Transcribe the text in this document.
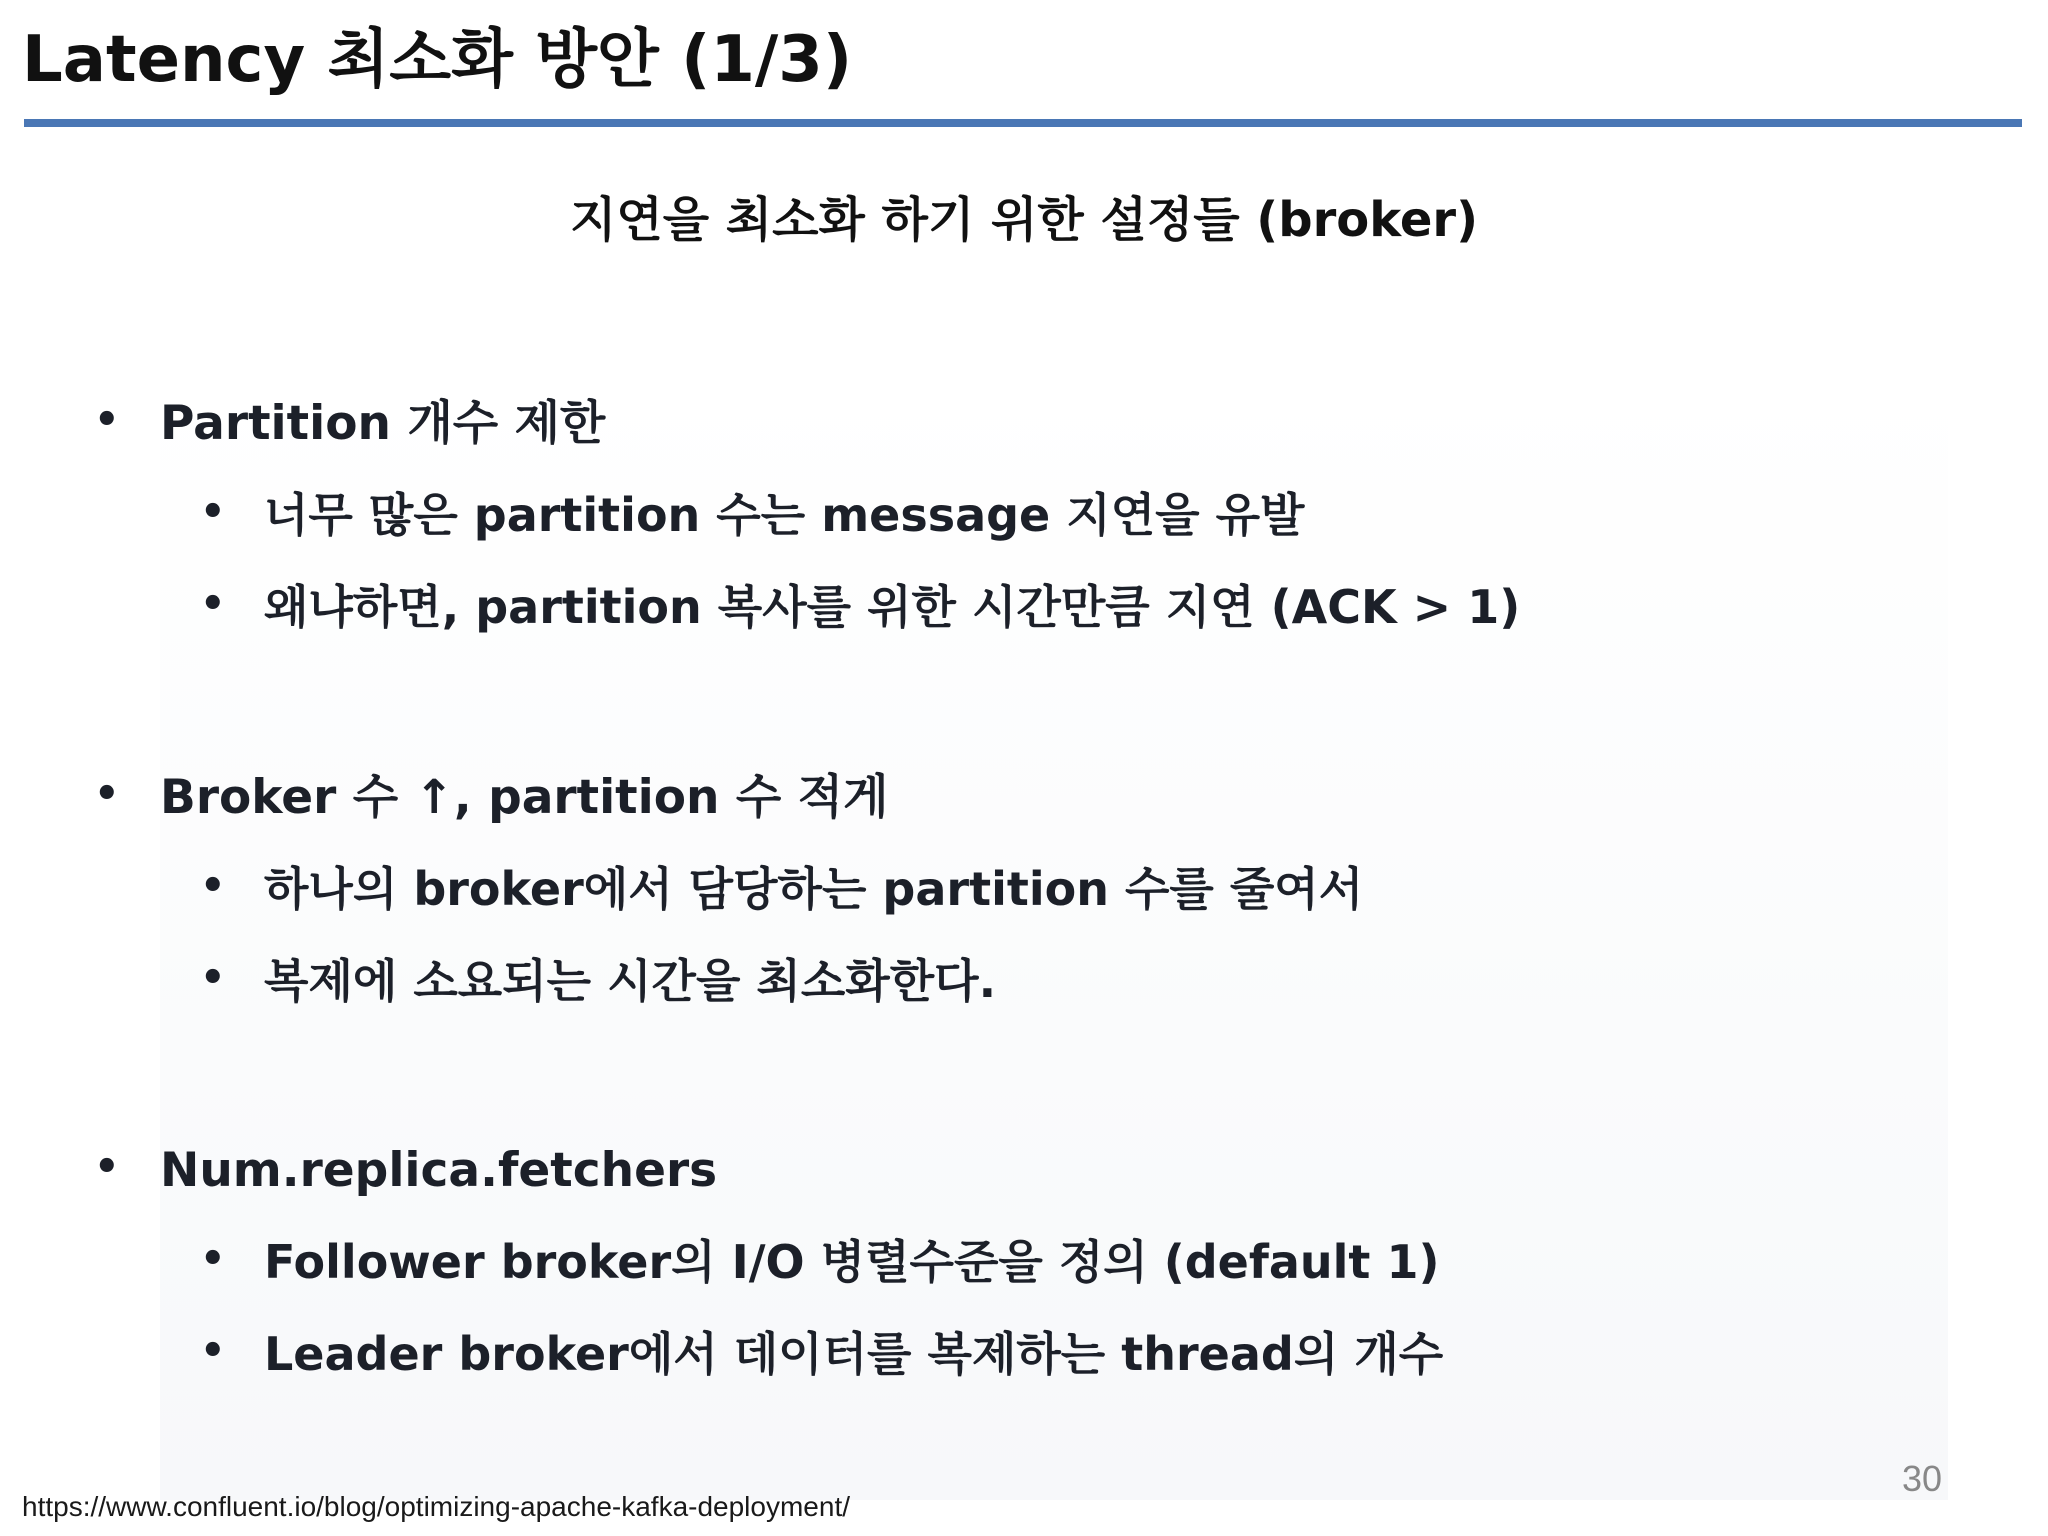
Latency 최소화 방안 (1/3)
지연을 최소화 하기 위한 설정들 (broker)
• Partition 개수 제한
• 너무 많은 partition 수는 message 지연을 유발
• 왜냐하면, partition 복사를 위한 시간만큼 지연 (ACK > 1)
• Broker 수 ↑, partition 수 적게
• 하나의 broker에서 담당하는 partition 수를 줄여서
• 복제에 소요되는 시간을 최소화한다.
• Num.replica.fetchers
• Follower broker의 I/O 병렬수준을 정의 (default 1)
• Leader broker에서 데이터를 복제하는 thread의 개수
30
https://www.confluent.io/blog/optimizing-apache-kafka-deployment/
